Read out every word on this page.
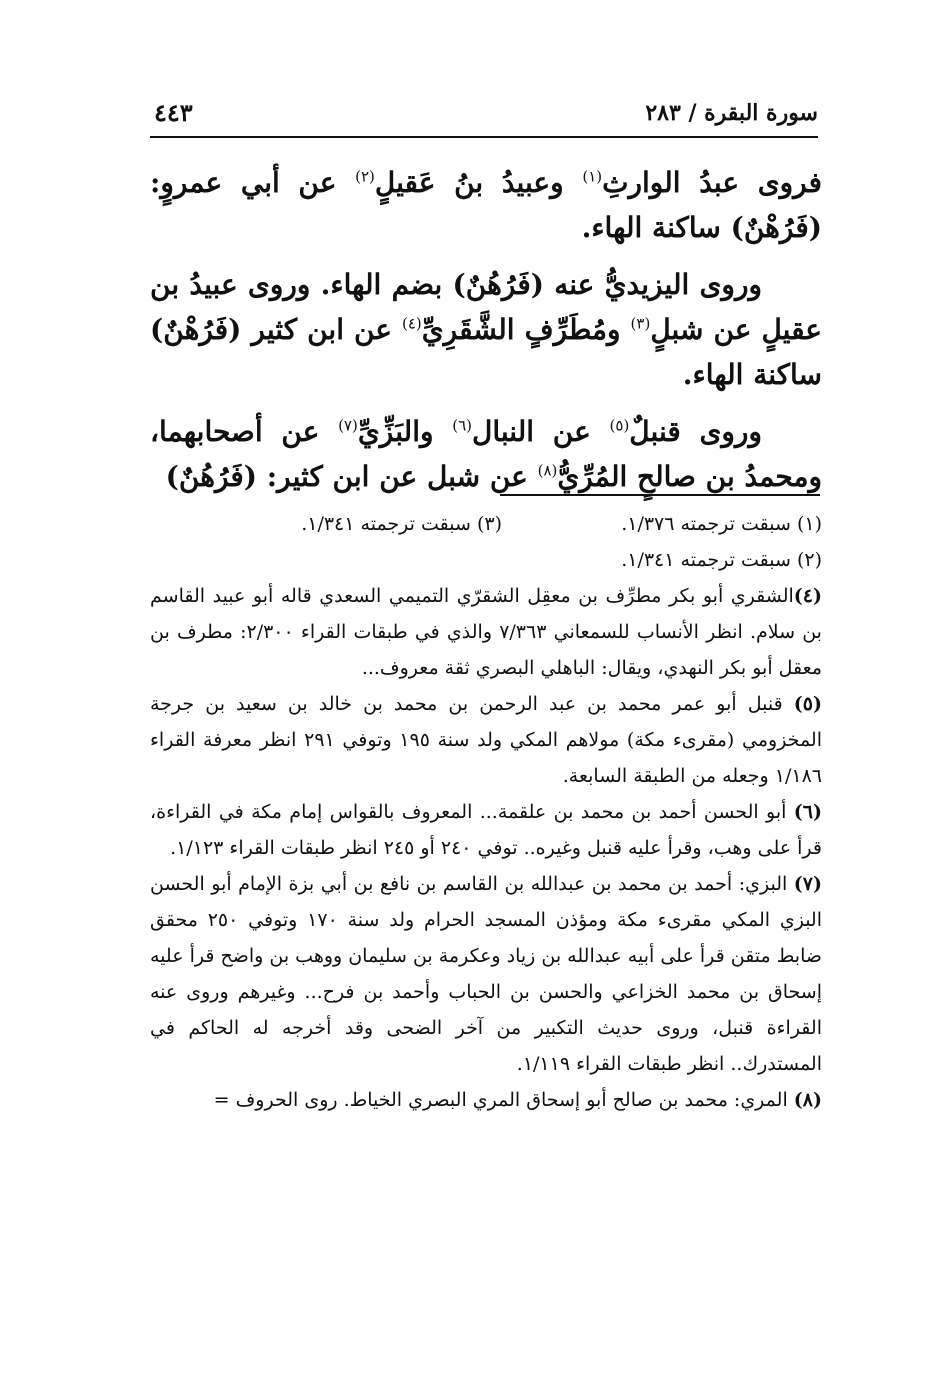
سورة البقرة / ٢٨٣
٤٤٣

فروى عبدُ الوارثِ$^{(١)}$ وعبيدُ بنُ عَقيلٍ$^{(٢)}$ عن أبي عمروٍ: (فَرُهْنٌ) ساكنة الهاء.

وروى اليزيديُّ عنه (فَرُهُنٌ) بضم الهاء. وروى عبيدُ بن عقيلٍ عن شبلٍ$^{(٣)}$ ومُطَرِّفٍ الشَّقَرِيِّ$^{(٤)}$ عن ابن كثير (فَرُهْنٌ) ساكنة الهاء.

وروى قنبلٌ$^{(٥)}$ عن النبال$^{(٦)}$ والبَزِّيِّ$^{(٧)}$ عن أصحابهما، ومحمدُ بن صالحٍ المُرِّيُّ$^{(٨)}$ عن شبل عن ابن كثير: (فَرُهُنٌ)

(١) سبقت ترجمته ١/٣٧٦.
(٣) سبقت ترجمته ١/٣٤١.

(٢) سبقت ترجمته ١/٣٤١.

(٤)الشقري أبو بكر مطرِّف بن معقِل الشقرّي التميمي السعدي قاله أبو عبيد القاسم بن سلام. انظر الأنساب للسمعاني ٧/٣٦٣ والذي في طبقات القراء ٢/٣٠٠: مطرف بن معقل أبو بكر النهدي، ويقال: الباهلي البصري ثقة معروف...

(٥) قنبل أبو عمر محمد بن عبد الرحمن بن محمد بن خالد بن سعيد بن جرجة المخزومي (مقرىء مكة) مولاهم المكي ولد سنة ١٩٥ وتوفي ٢٩١ انظر معرفة القراء ١/١٨٦ وجعله من الطبقة السابعة.

(٦) أبو الحسن أحمد بن محمد بن علقمة... المعروف بالقواس إمام مكة في القراءة، قرأ على وهب، وقرأ عليه قنبل وغيره.. توفي ٢٤٠ أو ٢٤٥ انظر طبقات القراء ١/١٢٣.

(٧) البزي: أحمد بن محمد بن عبدالله بن القاسم بن نافع بن أبي بزة الإمام أبو الحسن البزي المكي مقرىء مكة ومؤذن المسجد الحرام ولد سنة ١٧٠ وتوفي ٢٥٠ محقق ضابط متقن قرأ على أبيه عبدالله بن زياد وعكرمة بن سليمان ووهب بن واضح قرأ عليه إسحاق بن محمد الخزاعي والحسن بن الحباب وأحمد بن فرح... وغيرهم وروى عنه القراءة قنبل، وروى حديث التكبير من آخر الضحى وقد أخرجه له الحاكم في المستدرك.. انظر طبقات القراء ١/١١٩.

(٨) المري: محمد بن صالح أبو إسحاق المري البصري الخياط. روى الحروف =
